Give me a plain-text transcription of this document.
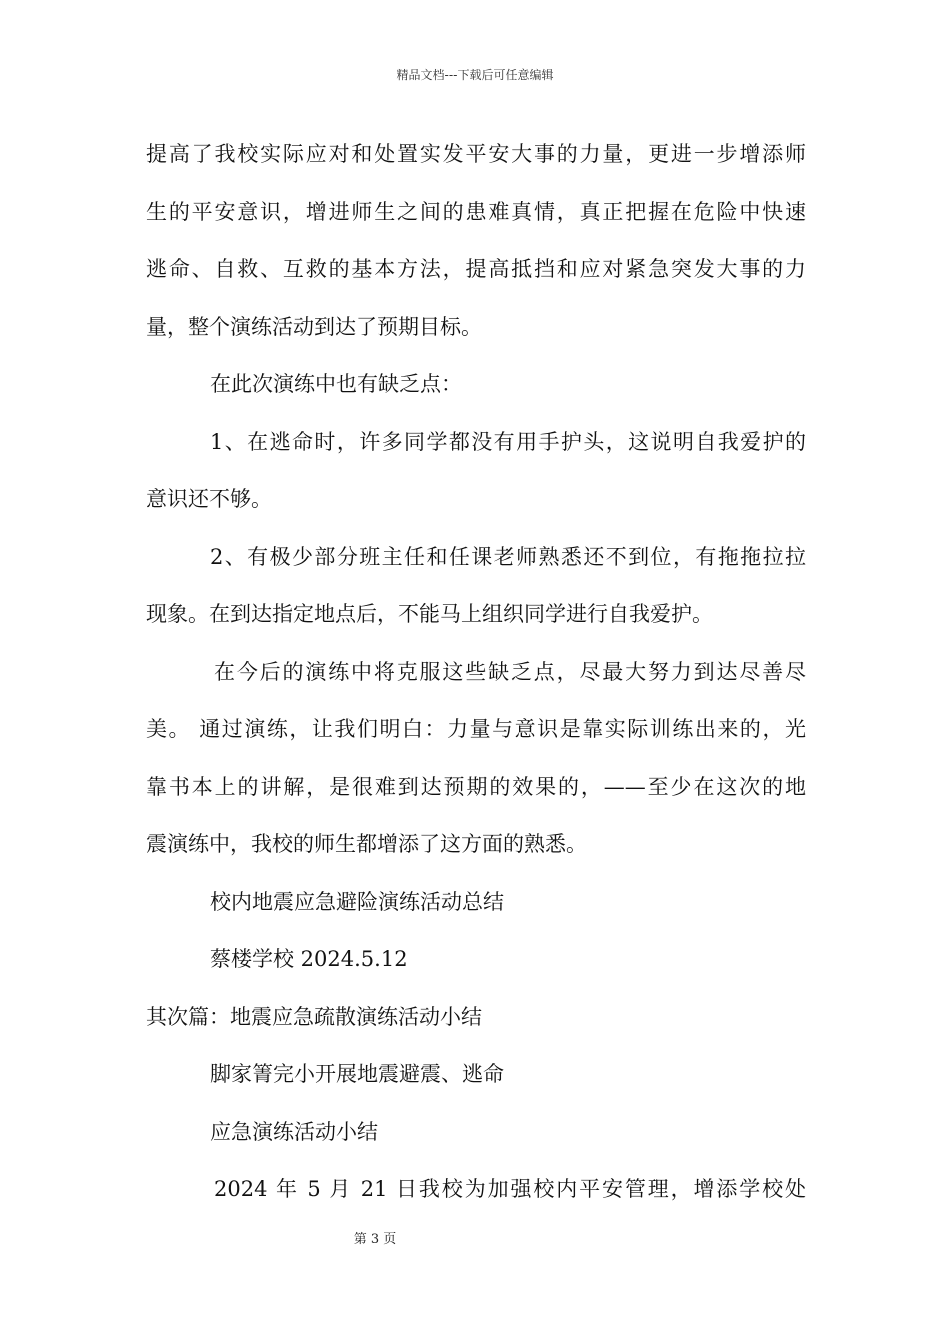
精品文档---下载后可任意编辑
提高了我校实际应对和处置实发平安大事的力量，更进一步增添师
生的平安意识，增进师生之间的患难真情，真正把握在危险中快速
逃命、自救、互救的基本方法，提高抵挡和应对紧急突发大事的力
量，整个演练活动到达了预期目标。
在此次演练中也有缺乏点：
1、在逃命时，许多同学都没有用手护头，这说明自我爱护的
意识还不够。
2、有极少部分班主任和任课老师熟悉还不到位，有拖拖拉拉
现象。在到达指定地点后，不能马上组织同学进行自我爱护。
在今后的演练中将克服这些缺乏点，尽最大努力到达尽善尽
美。 通过演练，让我们明白：力量与意识是靠实际训练出来的，光
靠书本上的讲解，是很难到达预期的效果的，——至少在这次的地
震演练中，我校的师生都增添了这方面的熟悉。
校内地震应急避险演练活动总结
蔡楼学校 2024.5.12
其次篇：地震应急疏散演练活动小结
脚家箐完小开展地震避震、逃命
应急演练活动小结
2024 年 5 月 21 日我校为加强校内平安管理，增添学校处
第 3 页
